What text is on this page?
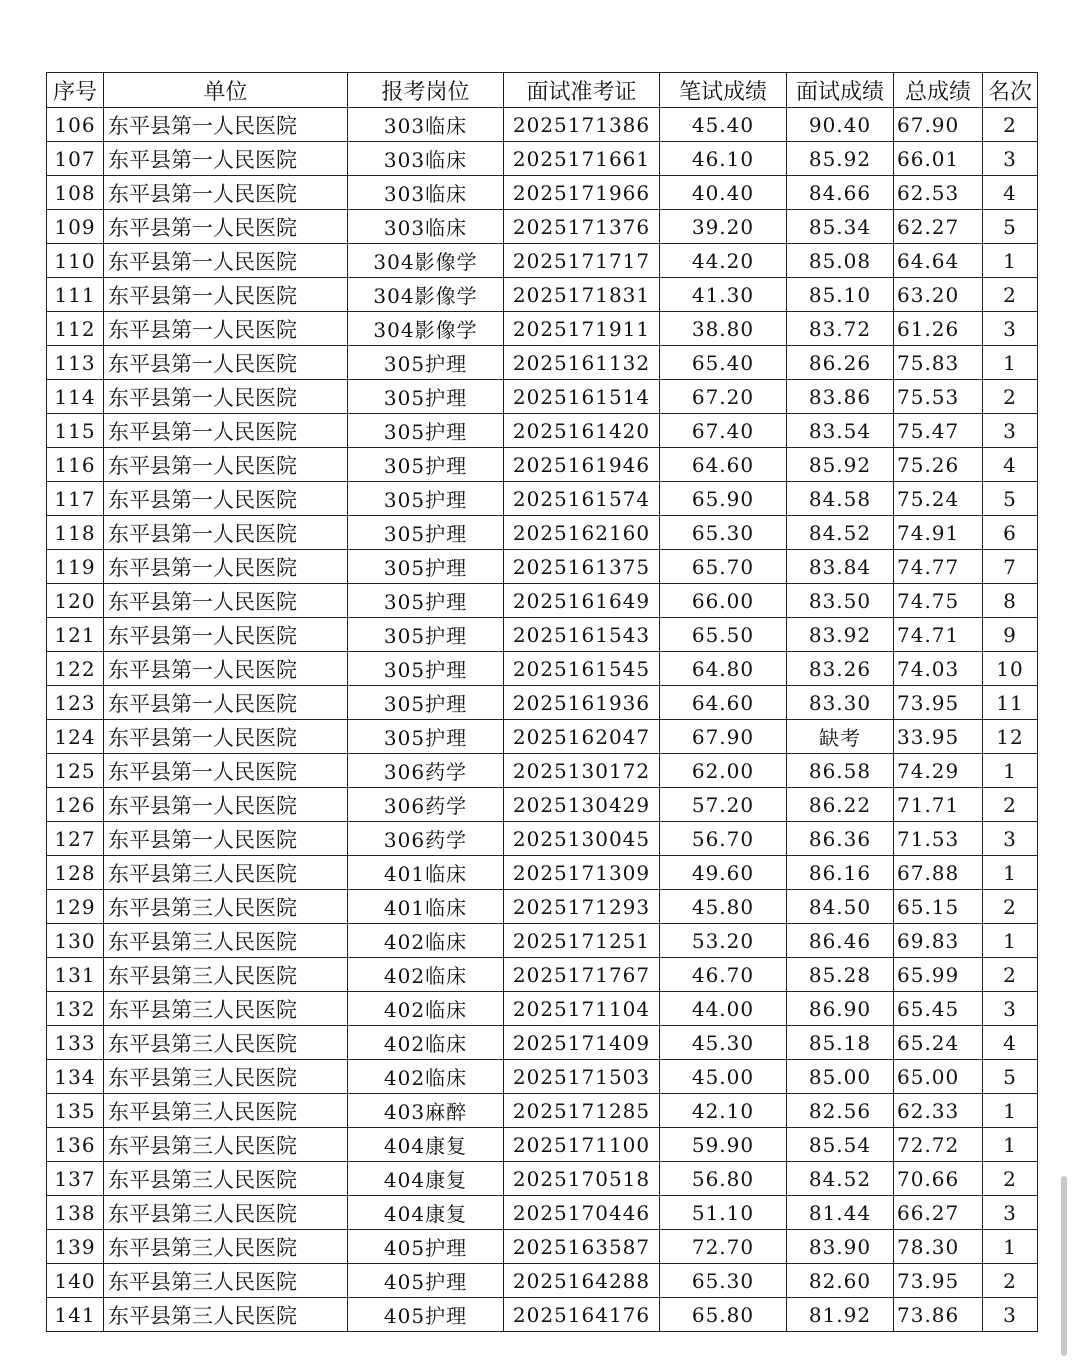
序号	单位	报考岗位	面试准考证	笔试成绩	面试成绩	总成绩	名次
106	东平县第一人民医院	303临床	2025171386	45.40	90.40	67.90	2
107	东平县第一人民医院	303临床	2025171661	46.10	85.92	66.01	3
108	东平县第一人民医院	303临床	2025171966	40.40	84.66	62.53	4
109	东平县第一人民医院	303临床	2025171376	39.20	85.34	62.27	5
110	东平县第一人民医院	304影像学	2025171717	44.20	85.08	64.64	1
111	东平县第一人民医院	304影像学	2025171831	41.30	85.10	63.20	2
112	东平县第一人民医院	304影像学	2025171911	38.80	83.72	61.26	3
113	东平县第一人民医院	305护理	2025161132	65.40	86.26	75.83	1
114	东平县第一人民医院	305护理	2025161514	67.20	83.86	75.53	2
115	东平县第一人民医院	305护理	2025161420	67.40	83.54	75.47	3
116	东平县第一人民医院	305护理	2025161946	64.60	85.92	75.26	4
117	东平县第一人民医院	305护理	2025161574	65.90	84.58	75.24	5
118	东平县第一人民医院	305护理	2025162160	65.30	84.52	74.91	6
119	东平县第一人民医院	305护理	2025161375	65.70	83.84	74.77	7
120	东平县第一人民医院	305护理	2025161649	66.00	83.50	74.75	8
121	东平县第一人民医院	305护理	2025161543	65.50	83.92	74.71	9
122	东平县第一人民医院	305护理	2025161545	64.80	83.26	74.03	10
123	东平县第一人民医院	305护理	2025161936	64.60	83.30	73.95	11
124	东平县第一人民医院	305护理	2025162047	67.90	缺考	33.95	12
125	东平县第一人民医院	306药学	2025130172	62.00	86.58	74.29	1
126	东平县第一人民医院	306药学	2025130429	57.20	86.22	71.71	2
127	东平县第一人民医院	306药学	2025130045	56.70	86.36	71.53	3
128	东平县第三人民医院	401临床	2025171309	49.60	86.16	67.88	1
129	东平县第三人民医院	401临床	2025171293	45.80	84.50	65.15	2
130	东平县第三人民医院	402临床	2025171251	53.20	86.46	69.83	1
131	东平县第三人民医院	402临床	2025171767	46.70	85.28	65.99	2
132	东平县第三人民医院	402临床	2025171104	44.00	86.90	65.45	3
133	东平县第三人民医院	402临床	2025171409	45.30	85.18	65.24	4
134	东平县第三人民医院	402临床	2025171503	45.00	85.00	65.00	5
135	东平县第三人民医院	403麻醉	2025171285	42.10	82.56	62.33	1
136	东平县第三人民医院	404康复	2025171100	59.90	85.54	72.72	1
137	东平县第三人民医院	404康复	2025170518	56.80	84.52	70.66	2
138	东平县第三人民医院	404康复	2025170446	51.10	81.44	66.27	3
139	东平县第三人民医院	405护理	2025163587	72.70	83.90	78.30	1
140	东平县第三人民医院	405护理	2025164288	65.30	82.60	73.95	2
141	东平县第三人民医院	405护理	2025164176	65.80	81.92	73.86	3
